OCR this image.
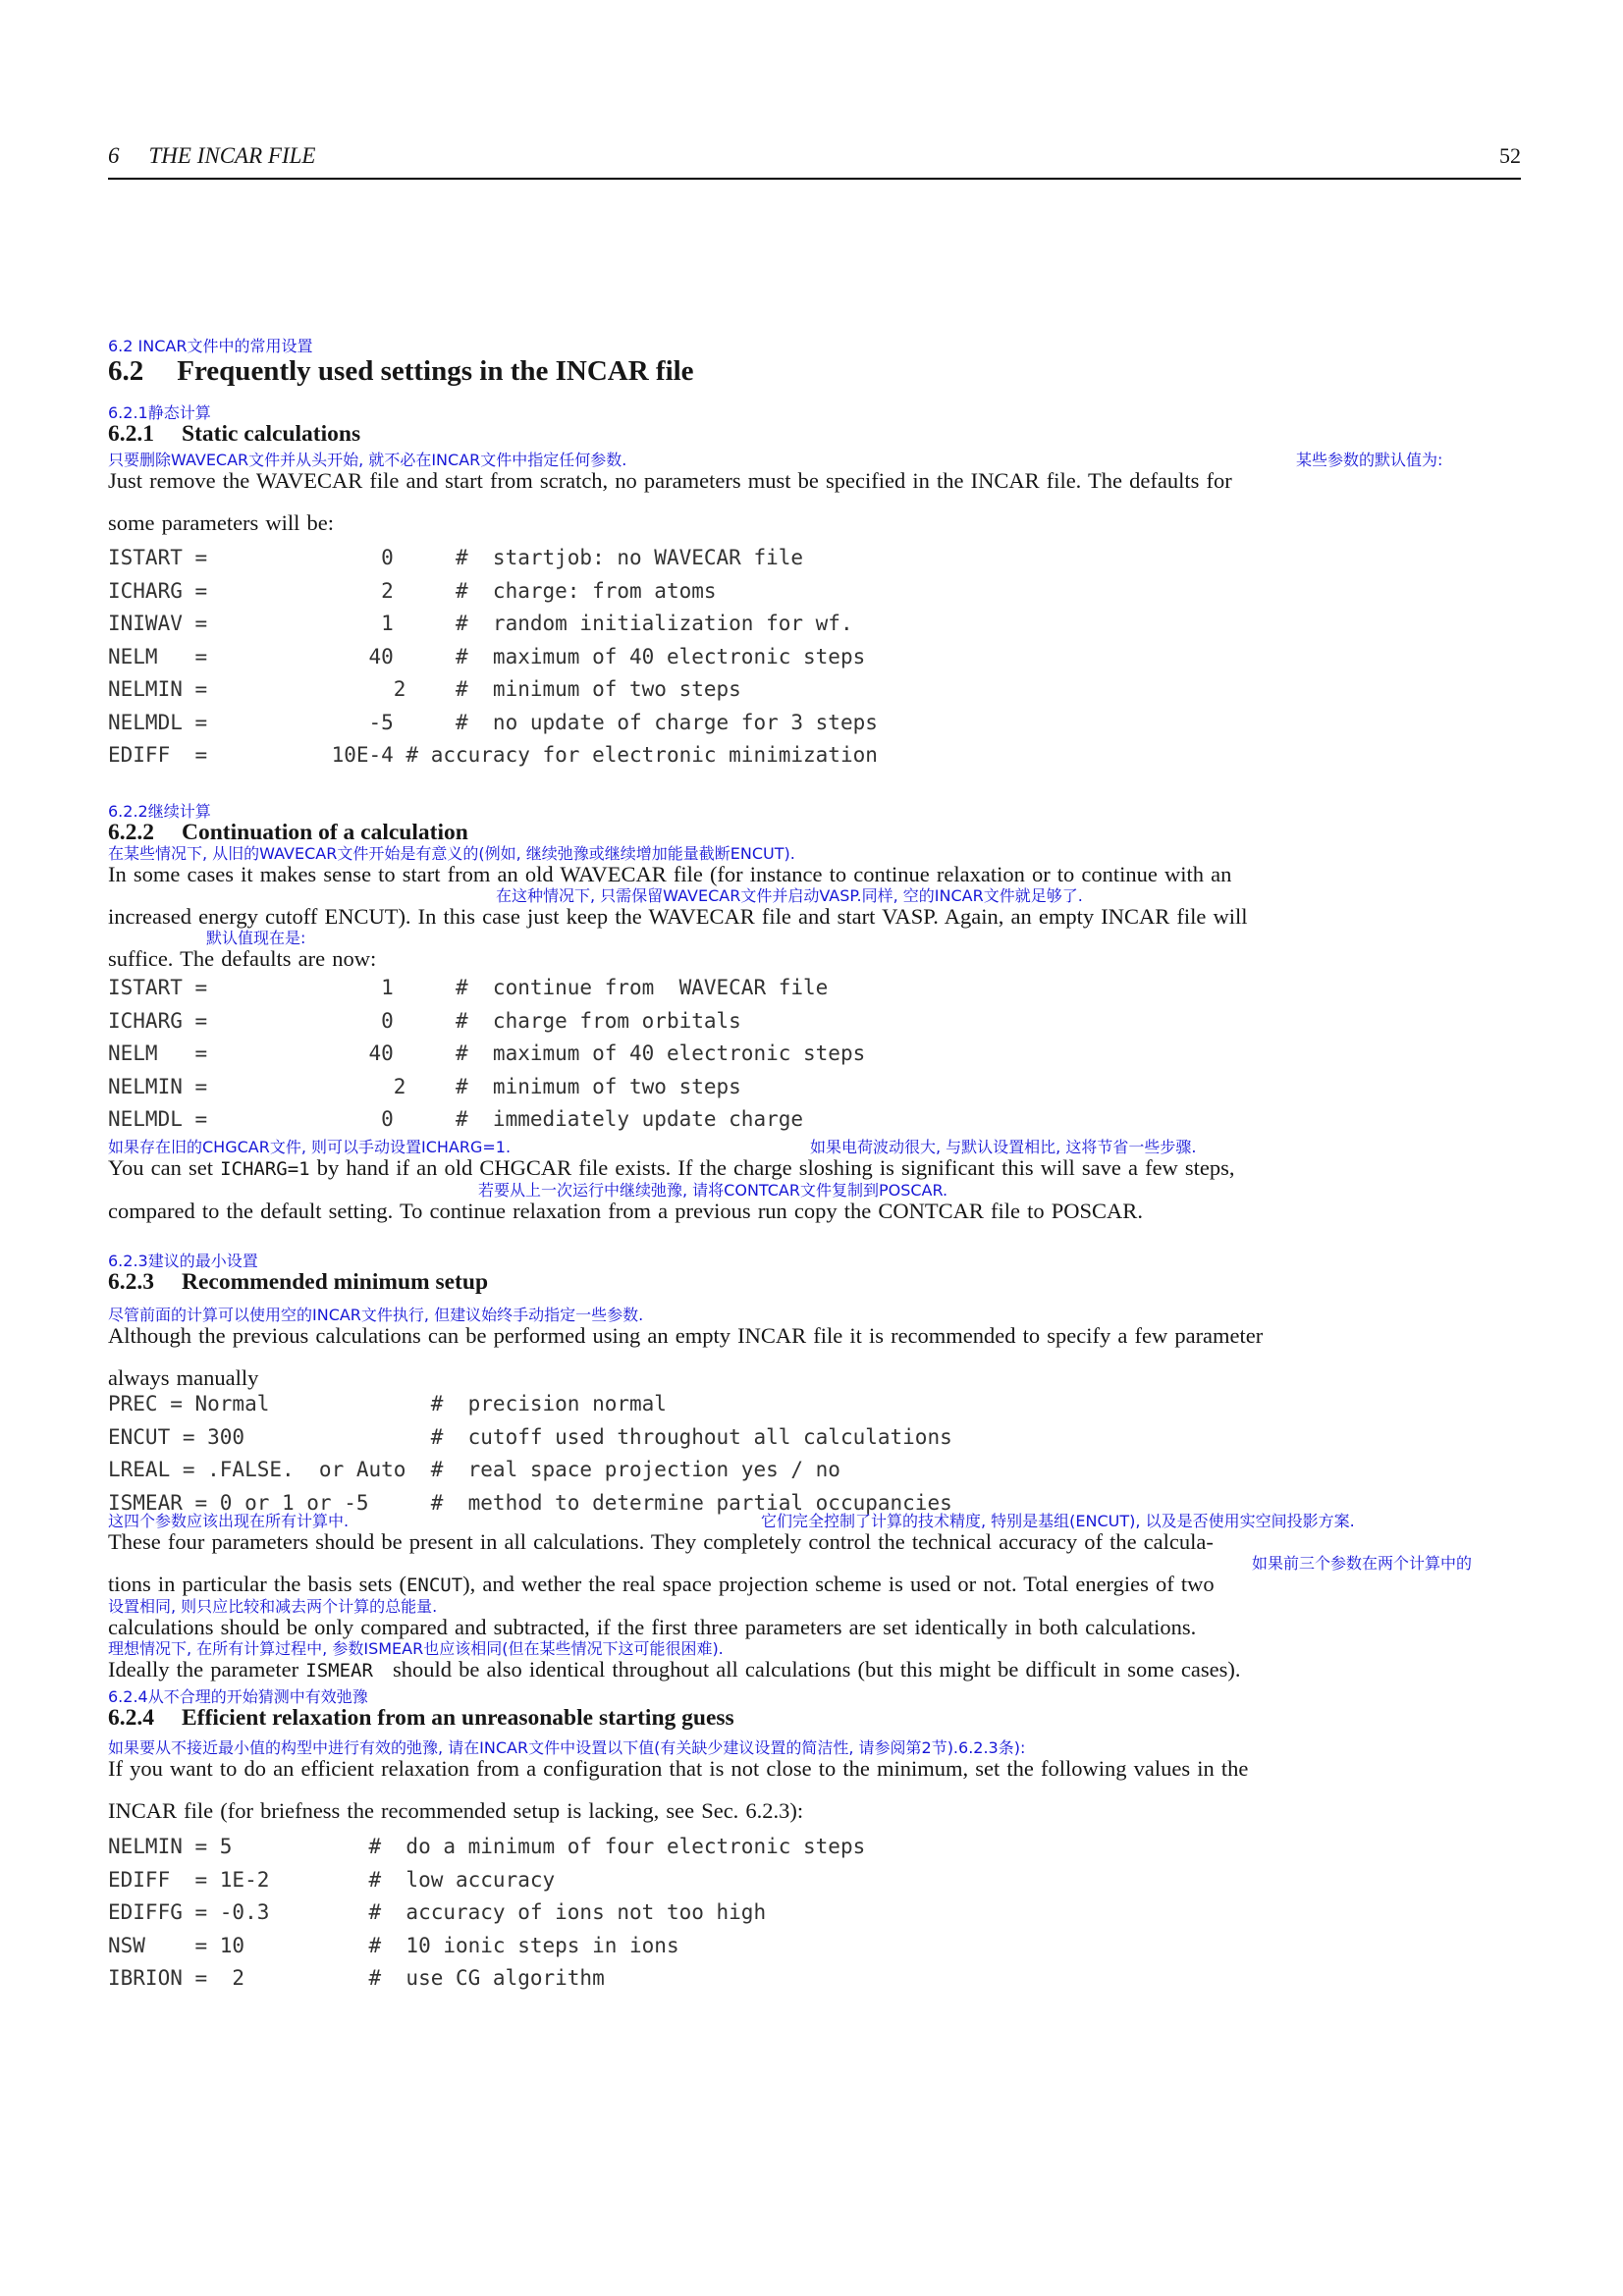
6 THE INCAR FILE	52
6.2 INCAR文件中的常用设置
6.2 Frequently used settings in the INCAR file
6.2.1静态计算
6.2.1 Static calculations
只要删除WAVECAR文件并从头开始, 就不必在INCAR文件中指定任何参数.	某些参数的默认值为:
Just remove the WAVECAR file and start from scratch, no parameters must be specified in the INCAR file. The defaults for
some parameters will be:
ISTART =              0     #  startjob: no WAVECAR file
ICHARG =              2     #  charge: from atoms
INIWAV =              1     #  random initialization for wf.
NELM   =             40     #  maximum of 40 electronic steps
NELMIN =               2    #  minimum of two steps
NELMDL =             -5     #  no update of charge for 3 steps
EDIFF  =          10E-4 # accuracy for electronic minimization
6.2.2继续计算
6.2.2 Continuation of a calculation
在某些情况下, 从旧的WAVECAR文件开始是有意义的(例如, 继续弛豫或继续增加能量截断ENCUT).
In some cases it makes sense to start from an old WAVECAR file (for instance to continue relaxation or to continue with an
在这种情况下, 只需保留WAVECAR文件并启动VASP.同样, 空的INCAR文件就足够了.
increased energy cutoff ENCUT). In this case just keep the WAVECAR file and start VASP. Again, an empty INCAR file will
默认值现在是:
suffice. The defaults are now:
ISTART =              1     #  continue from  WAVECAR file
ICHARG =              0     #  charge from orbitals
NELM   =             40     #  maximum of 40 electronic steps
NELMIN =               2    #  minimum of two steps
NELMDL =              0     #  immediately update charge
如果存在旧的CHGCAR文件, 则可以手动设置ICHARG=1.	如果电荷波动很大, 与默认设置相比, 这将节省一些步骤.
You can set ICHARG=1 by hand if an old CHGCAR file exists. If the charge sloshing is significant this will save a few steps,
若要从上一次运行中继续弛豫, 请将CONTCAR文件复制到POSCAR.
compared to the default setting. To continue relaxation from a previous run copy the CONTCAR file to POSCAR.
6.2.3建议的最小设置
6.2.3 Recommended minimum setup
尽管前面的计算可以使用空的INCAR文件执行, 但建议始终手动指定一些参数.
Although the previous calculations can be performed using an empty INCAR file it is recommended to specify a few parameter
always manually
PREC = Normal             #  precision normal
ENCUT = 300               #  cutoff used throughout all calculations
LREAL = .FALSE.  or Auto  #  real space projection yes / no
ISMEAR = 0 or 1 or -5     #  method to determine partial occupancies
这四个参数应该出现在所有计算中.	它们完全控制了计算的技术精度, 特别是基组(ENCUT), 以及是否使用实空间投影方案.
These four parameters should be present in all calculations. They completely control the technical accuracy of the calcula-
如果前三个参数在两个计算中的
tions in particular the basis sets (ENCUT), and wether the real space projection scheme is used or not. Total energies of two
设置相同, 则只应比较和减去两个计算的总能量.
calculations should be only compared and subtracted, if the first three parameters are set identically in both calculations.
理想情况下, 在所有计算过程中, 参数ISMEAR也应该相同(但在某些情况下这可能很困难).
Ideally the parameter ISMEAR  should be also identical throughout all calculations (but this might be difficult in some cases).
6.2.4从不合理的开始猜测中有效弛豫
6.2.4 Efficient relaxation from an unreasonable starting guess
如果要从不接近最小值的构型中进行有效的弛豫, 请在INCAR文件中设置以下值(有关缺少建议设置的简洁性, 请参阅第2节).6.2.3条):
If you want to do an efficient relaxation from a configuration that is not close to the minimum, set the following values in the
INCAR file (for briefness the recommended setup is lacking, see Sec. 6.2.3):
NELMIN = 5           #  do a minimum of four electronic steps
EDIFF  = 1E-2        #  low accuracy
EDIFFG = -0.3        #  accuracy of ions not too high
NSW    = 10          #  10 ionic steps in ions
IBRION =  2          #  use CG algorithm
